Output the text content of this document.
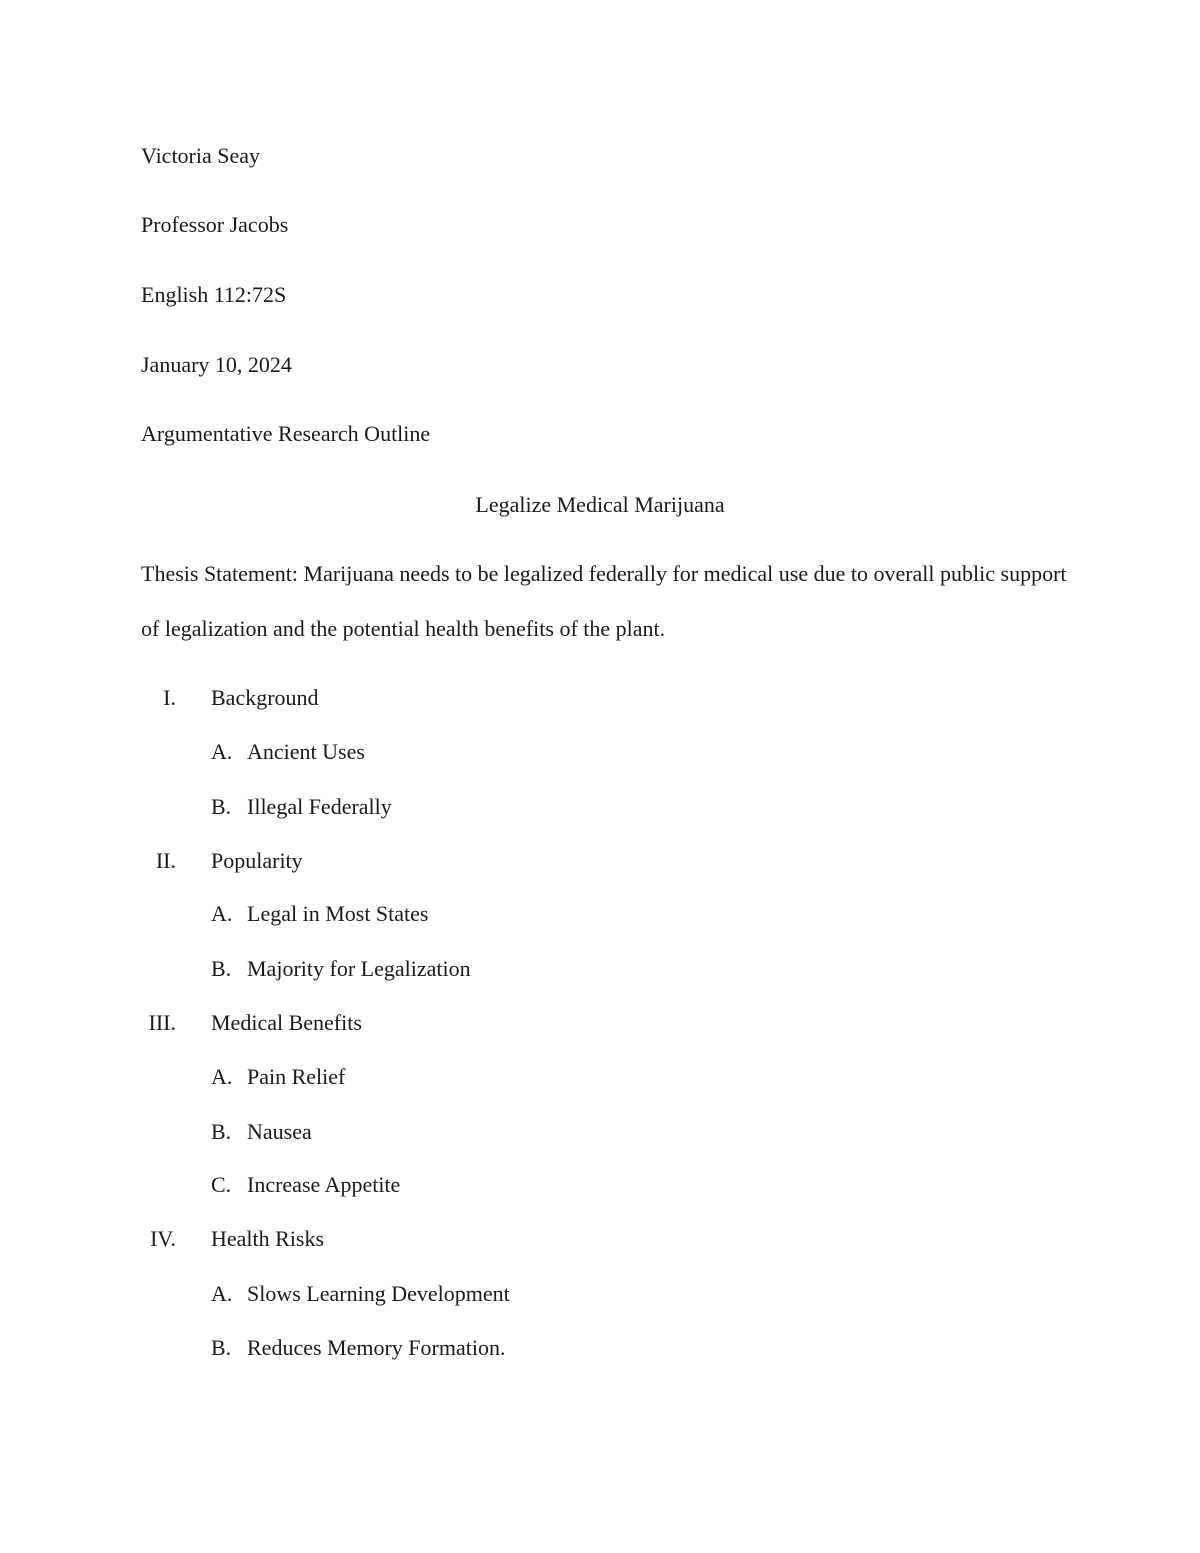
Victoria Seay
Professor Jacobs
English 112:72S
January 10, 2024
Argumentative Research Outline
Legalize Medical Marijuana
Thesis Statement: Marijuana needs to be legalized federally for medical use due to overall public support of legalization and the potential health benefits of the plant.
I. Background
A. Ancient Uses
B. Illegal Federally
II. Popularity
A. Legal in Most States
B. Majority for Legalization
III. Medical Benefits
A. Pain Relief
B. Nausea
C. Increase Appetite
IV. Health Risks
A. Slows Learning Development
B. Reduces Memory Formation.
